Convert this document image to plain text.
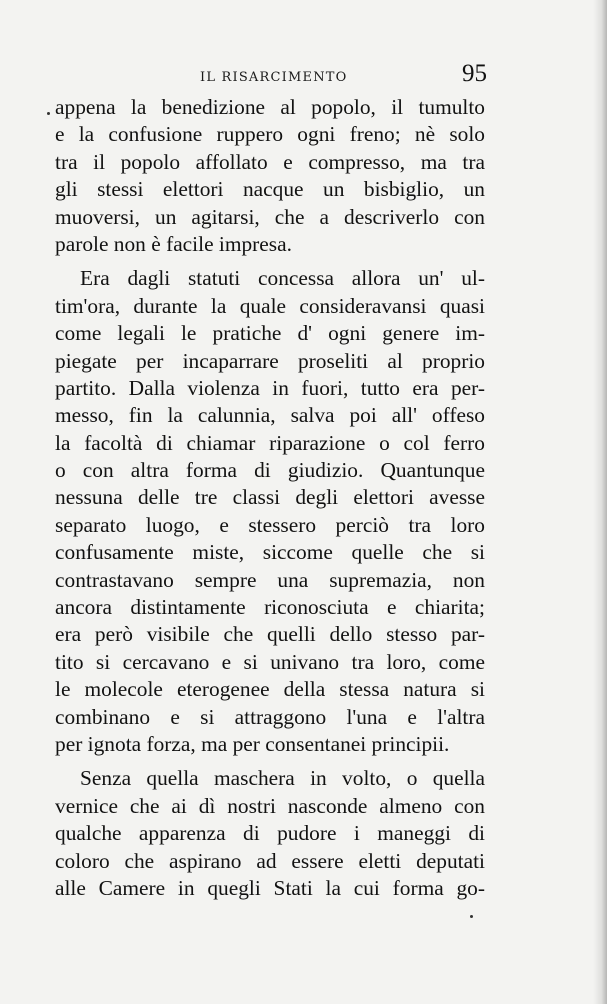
IL RISARCIMENTO	95
appena la benedizione al popolo, il tumulto
e la confusione ruppero ogni freno; nè solo
tra il popolo affollato e compresso, ma tra
gli stessi elettori nacque un bisbiglio, un
muoversi, un agitarsi, che a descriverlo con
parole non è facile impresa.
Era dagli statuti concessa allora un' ul-
tim'ora, durante la quale consideravansi quasi
come legali le pratiche d' ogni genere im-
piegate per incaparrare proseliti al proprio
partito. Dalla violenza in fuori, tutto era per-
messo, fin la calunnia, salva poi all' offeso
la facoltà di chiamar riparazione o col ferro
o con altra forma di giudizio. Quantunque
nessuna delle tre classi degli elettori avesse
separato luogo, e stessero perciò tra loro
confusamente miste, siccome quelle che si
contrastavano sempre una supremazia, non
ancora distintamente riconosciuta e chiarita;
era però visibile che quelli dello stesso par-
tito si cercavano e si univano tra loro, come
le molecole eterogenee della stessa natura si
combinano e si attraggono l'una e l'altra
per ignota forza, ma per consentanei principii.
Senza quella maschera in volto, o quella
vernice che ai dì nostri nasconde almeno con
qualche apparenza di pudore i maneggi di
coloro che aspirano ad essere eletti deputati
alle Camere in quegli Stati la cui forma go-
